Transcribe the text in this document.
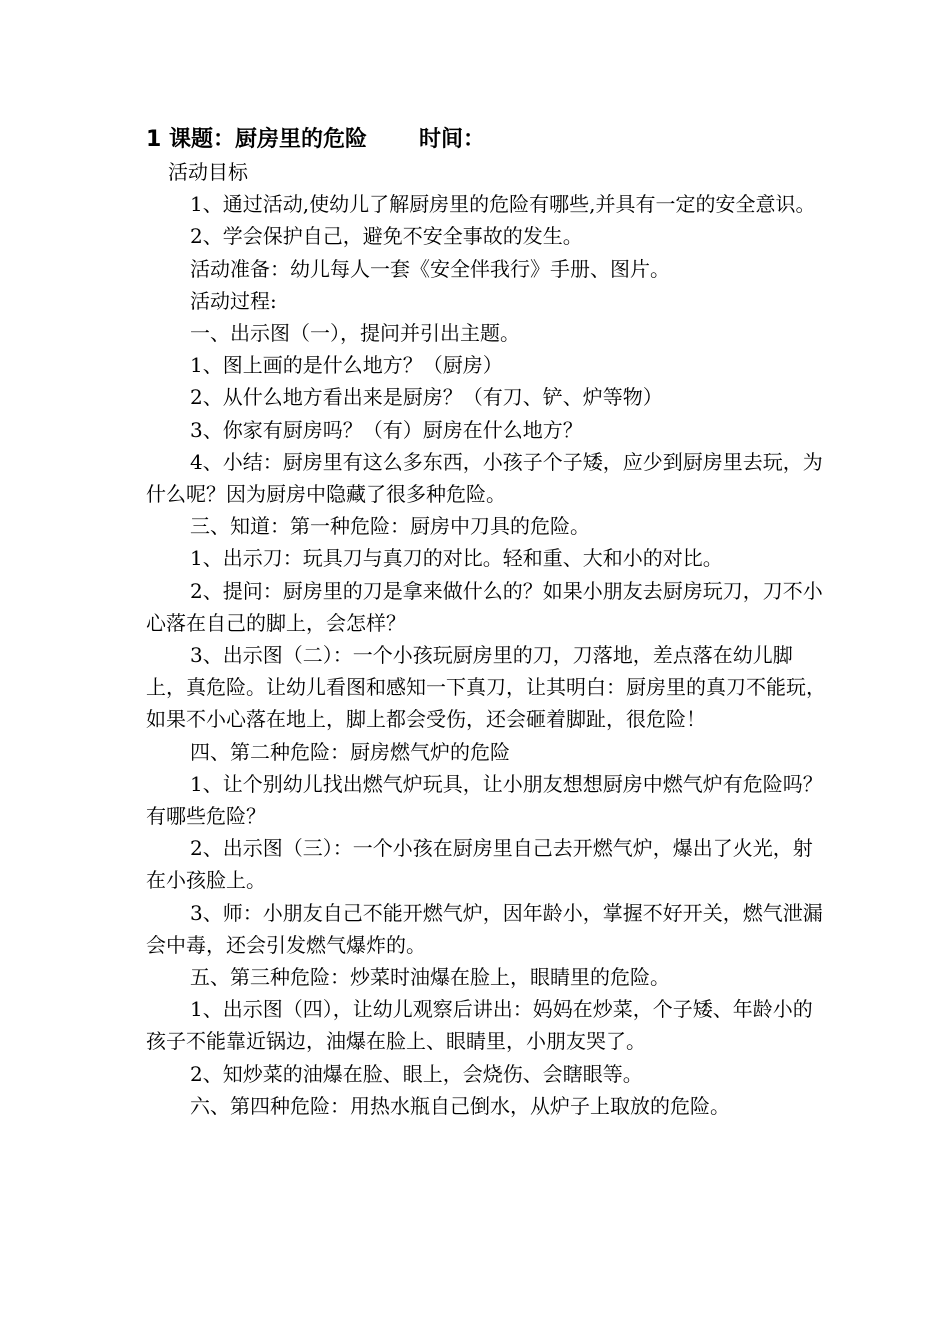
1 课题：厨房里的危险 时间：

活动目标

1、通过活动,使幼儿了解厨房里的危险有哪些,并具有一定的安全意识。

2、学会保护自己，避免不安全事故的发生。

活动准备：幼儿每人一套《安全伴我行》手册、图片。

活动过程:

一、出示图（一），提问并引出主题。

1、图上画的是什么地方？（厨房）

2、从什么地方看出来是厨房？（有刀、铲、炉等物）

3、你家有厨房吗？（有）厨房在什么地方？

4、小结：厨房里有这么多东西，小孩子个子矮，应少到厨房里去玩，为什么呢？因为厨房中隐藏了很多种危险。

三、知道：第一种危险：厨房中刀具的危险。

1、出示刀：玩具刀与真刀的对比。轻和重、大和小的对比。

2、提问：厨房里的刀是拿来做什么的？如果小朋友去厨房玩刀，刀不小心落在自己的脚上，会怎样？

3、出示图（二）：一个小孩玩厨房里的刀，刀落地，差点落在幼儿脚上，真危险。让幼儿看图和感知一下真刀，让其明白：厨房里的真刀不能玩，如果不小心落在地上，脚上都会受伤，还会砸着脚趾，很危险！

四、第二种危险：厨房燃气炉的危险

1、让个别幼儿找出燃气炉玩具，让小朋友想想厨房中燃气炉有危险吗？有哪些危险？

2、出示图（三）：一个小孩在厨房里自己去开燃气炉，爆出了火光，射在小孩脸上。

3、师：小朋友自己不能开燃气炉，因年龄小，掌握不好开关，燃气泄漏会中毒，还会引发燃气爆炸的。

五、第三种危险：炒菜时油爆在脸上，眼睛里的危险。

1、出示图（四），让幼儿观察后讲出：妈妈在炒菜，个子矮、年龄小的孩子不能靠近锅边，油爆在脸上、眼睛里，小朋友哭了。

2、知炒菜的油爆在脸、眼上，会烧伤、会瞎眼等。

六、第四种危险：用热水瓶自己倒水，从炉子上取放的危险。
